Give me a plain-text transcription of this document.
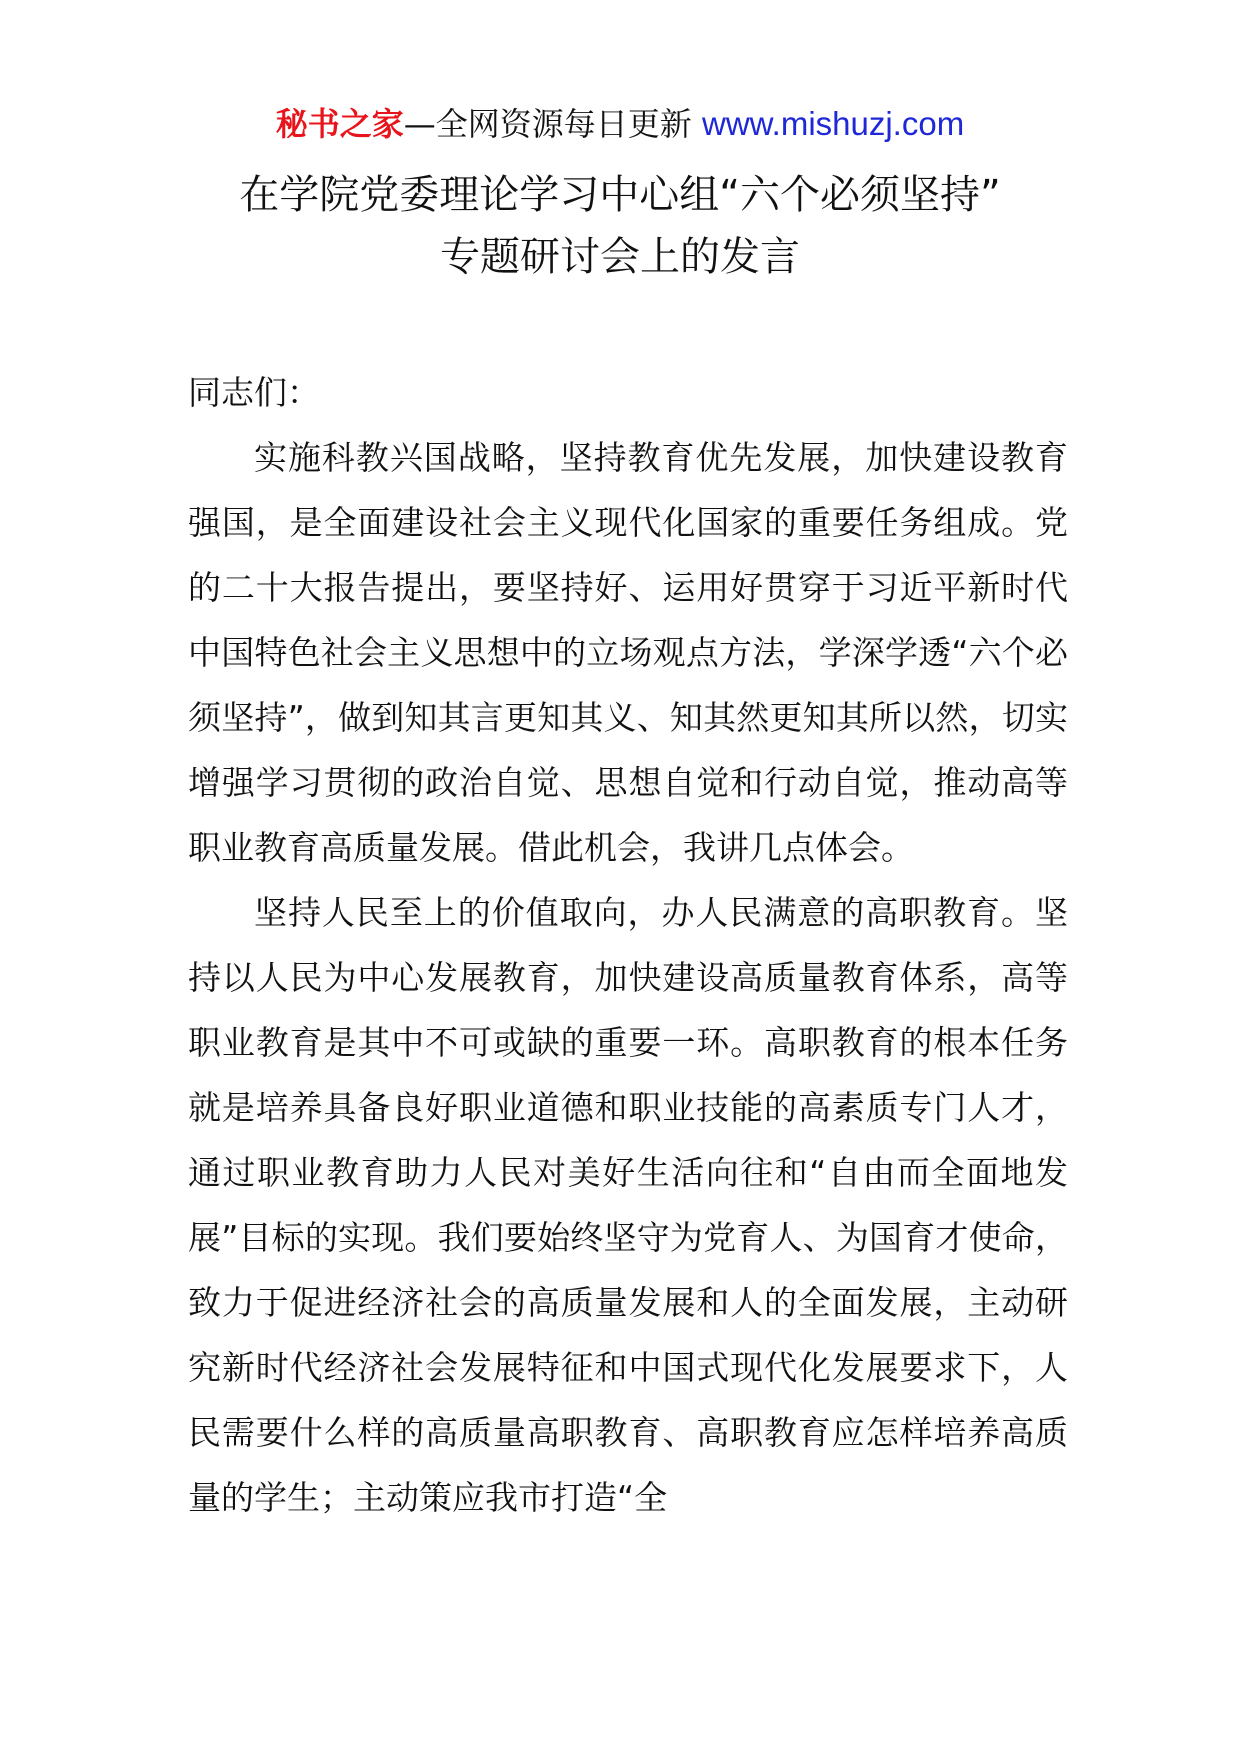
秘书之家—全网资源每日更新 www.mishuzj.com
在学院党委理论学习中心组“六个必须坚持”
专题研讨会上的发言

同志们：

实施科教兴国战略，坚持教育优先发展，加快建设教育强国，是全面建设社会主义现代化国家的重要任务组成。党的二十大报告提出，要坚持好、运用好贯穿于习近平新时代中国特色社会主义思想中的立场观点方法，学深学透“六个必须坚持”，做到知其言更知其义、知其然更知其所以然，切实增强学习贯彻的政治自觉、思想自觉和行动自觉，推动高等职业教育高质量发展。借此机会，我讲几点体会。

坚持人民至上的价值取向，办人民满意的高职教育。坚持以人民为中心发展教育，加快建设高质量教育体系，高等职业教育是其中不可或缺的重要一环。高职教育的根本任务就是培养具备良好职业道德和职业技能的高素质专门人才，通过职业教育助力人民对美好生活向往和“自由而全面地发展”目标的实现。我们要始终坚守为党育人、为国育才使命，致力于促进经济社会的高质量发展和人的全面发展，主动研究新时代经济社会发展特征和中国式现代化发展要求下，人民需要什么样的高质量高职教育、高职教育应怎样培养高质量的学生；主动策应我市打造“全
